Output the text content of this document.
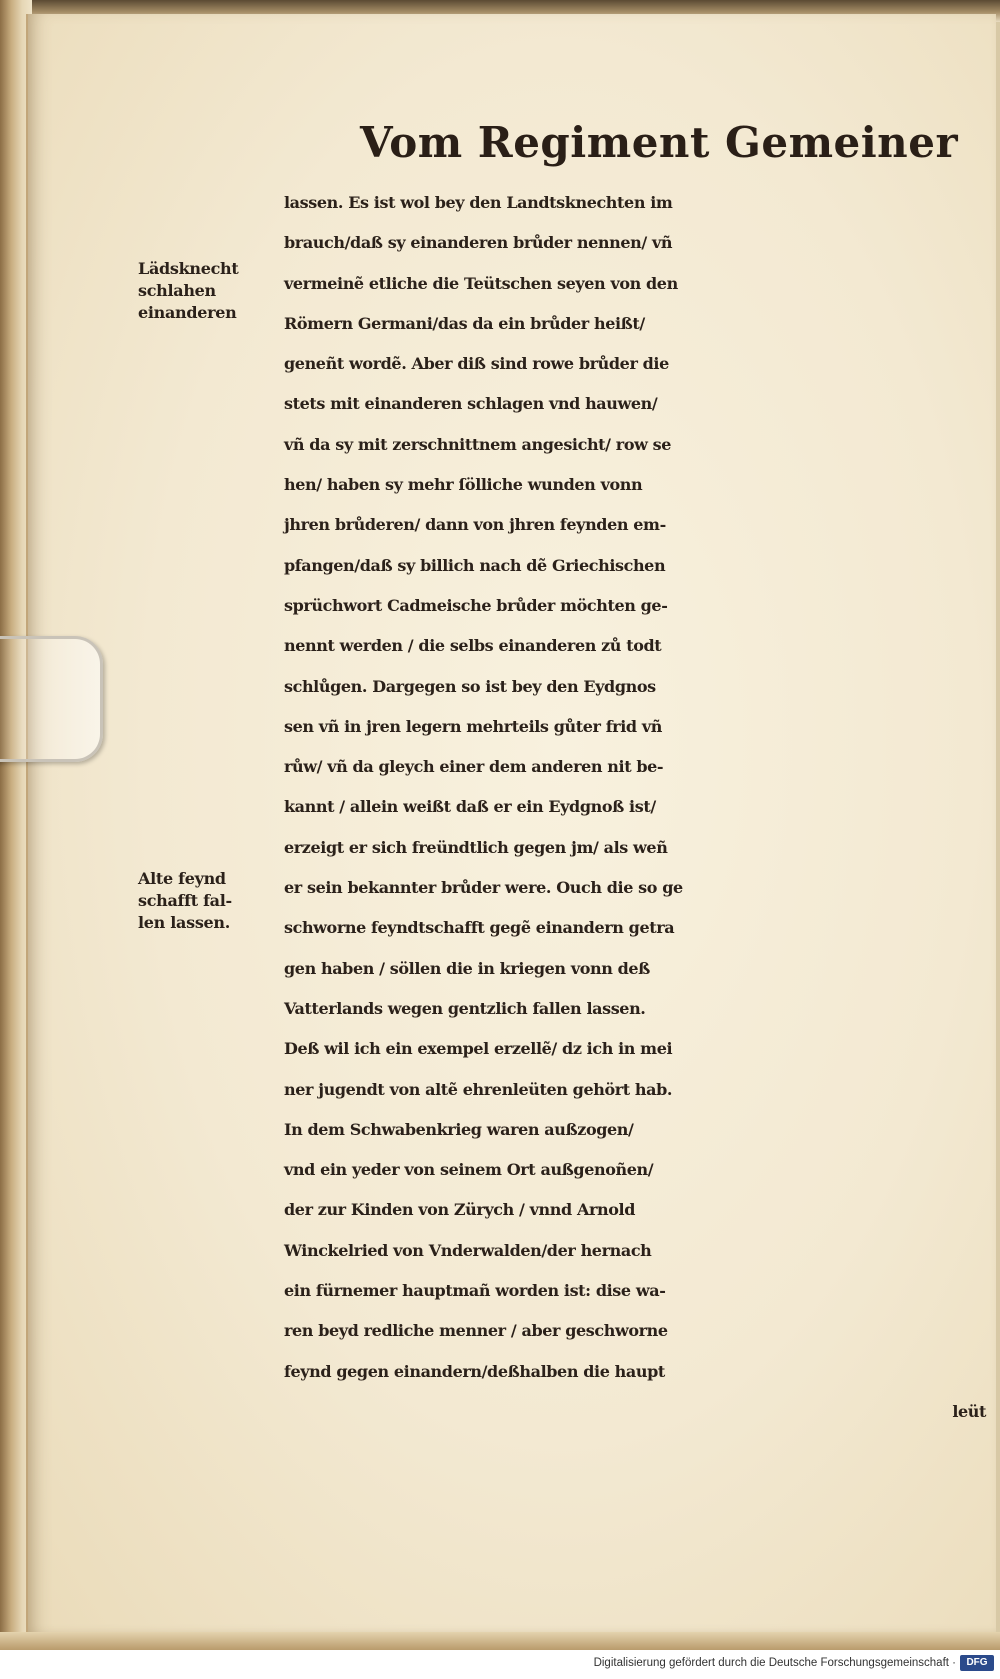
Vom Regiment Gemeiner
Lädsknecht
schlahen
einanderen
Alte feynd
schafft fal-
len lassen.
lassen. Es ist wol bey den Landtsknechten im
brauch/daß sy einanderen brůder nennen/ vñ
vermeinẽ etliche die Teütschen seyen von den
Römern Germani/das da ein brůder heißt/
geneñt wordẽ. Aber diß sind rowe brůder die
stets mit einanderen schlagen vnd hauwen/
vñ da sy mit zerschnittnem angesicht/ row se
hen/ haben sy mehr ſölliche wunden vonn
jhren brůderen/ dann von jhren feynden em-
pfangen/daß sy billich nach dẽ Griechischen
sprüchwort Cadmeische brůder möchten ge-
nennt werden / die selbs einanderen zů todt
schlůgen. Dargegen so ist bey den Eydgnos
sen vñ in jren legern mehrteils gůter frid vñ
růw/ vñ da gleych einer dem anderen nit be-
kannt / allein weißt daß er ein Eydgnoß ist/
erzeigt er sich freündtlich gegen jm/ als weñ
er sein bekannter brůder were. Ouch die so ge
schworne feyndtschafft gegẽ einandern getra
gen haben / söllen die in kriegen vonn deß
Vatterlands wegen gentzlich fallen lassen.
Deß wil ich ein exempel erzellẽ/ dz ich in mei
ner jugendt von altẽ ehrenleüten gehört hab.
In dem Schwabenkrieg waren außzogen/
vnd ein yeder von seinem Ort außgenoñen/
der zur Kinden von Zürych / vnnd Arnold
Winckelried von Vnderwalden/der hernach
ein fürnemer hauptmañ worden ist: dise wa-
ren beyd redliche menner / aber geschworne
feynd gegen einandern/deßhalben die haupt
leüt
Digitalisierung gefördert durch die Deutsche Forschungsgemeinschaft ·	DFG
